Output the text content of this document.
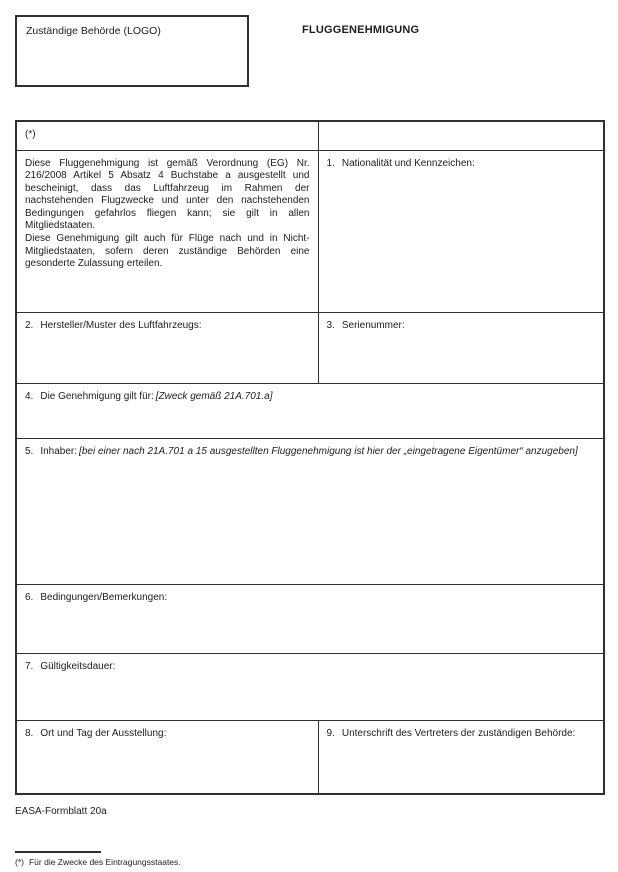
Zuständige Behörde (LOGO)	FLUGGENEHMIGUNG
(*)	

Diese Fluggenehmigung ist gemäß Verordnung (EG) Nr. 216/2008 Artikel 5 Absatz 4 Buchstabe a ausgestellt und bescheinigt, dass das Luftfahrzeug im Rahmen der nachstehenden Flugzwecke und unter den nachstehenden Bedingungen gefahrlos fliegen kann; sie gilt in allen Mitgliedstaaten.

Diese Genehmigung gilt auch für Flüge nach und in Nicht-Mitgliedstaaten, sofern deren zuständige Behörden eine gesonderte Zulassung erteilen.	1. Nationalität und Kennzeichen:

2. Hersteller/Muster des Luftfahrzeugs:	3. Serienummer:

4. Die Genehmigung gilt für: [Zweck gemäß 21A.701.a]	

5. Inhaber: [bei einer nach 21A.701 a 15 ausgestellten Fluggenehmigung ist hier der „eingetragene Eigentümer“ anzugeben]	

6. Bedingungen/Bemerkungen:	

7. Gültigkeitsdauer:	

8. Ort und Tag der Ausstellung:	9. Unterschrift des Vertreters der zuständigen Behörde:
EASA-Formblatt 20a
(*) Für die Zwecke des Eintragungsstaates.
